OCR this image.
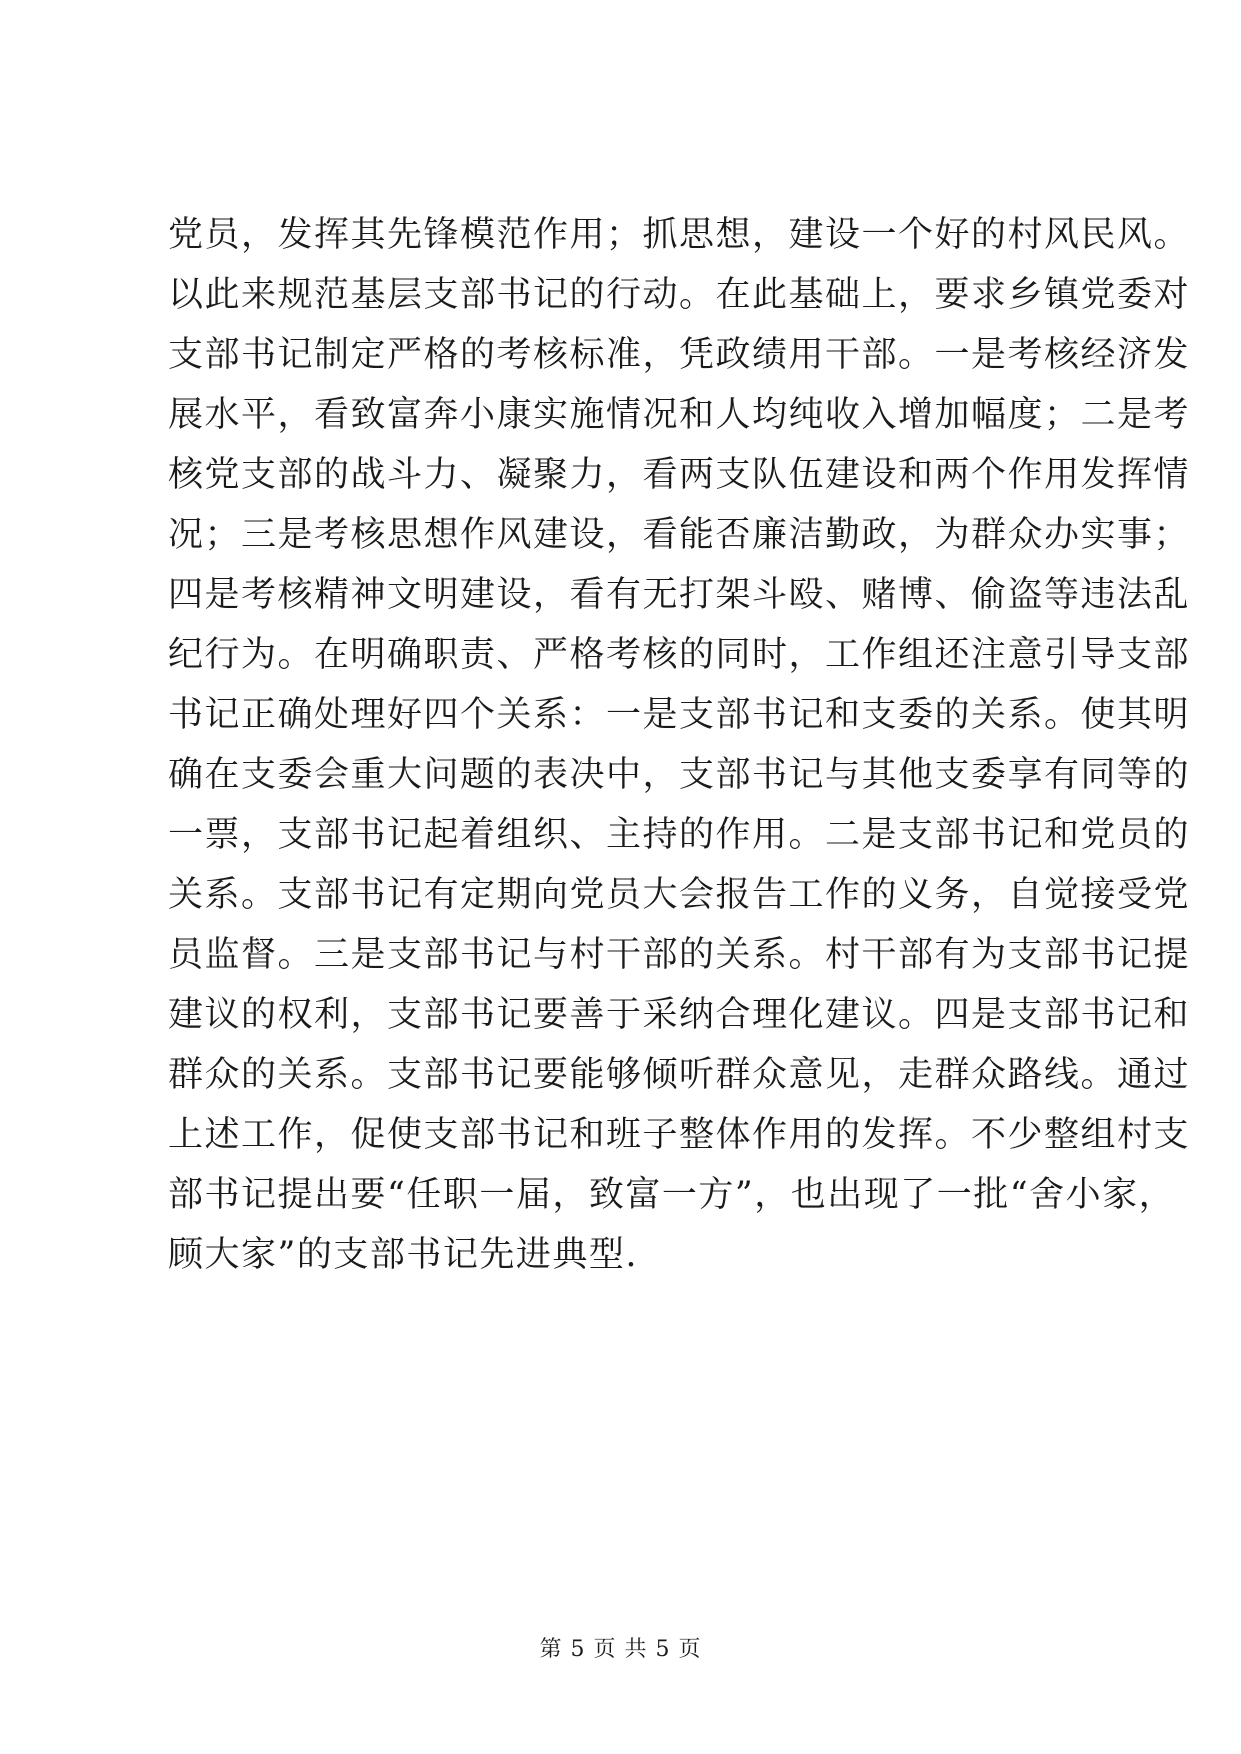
党员，发挥其先锋模范作用；抓思想，建设一个好的村风民风。
以此来规范基层支部书记的行动。在此基础上，要求乡镇党委对
支部书记制定严格的考核标准，凭政绩用干部。一是考核经济发
展水平，看致富奔小康实施情况和人均纯收入增加幅度；二是考
核党支部的战斗力、凝聚力，看两支队伍建设和两个作用发挥情
况；三是考核思想作风建设，看能否廉洁勤政，为群众办实事；
四是考核精神文明建设，看有无打架斗殴、赌博、偷盗等违法乱
纪行为。在明确职责、严格考核的同时，工作组还注意引导支部
书记正确处理好四个关系：一是支部书记和支委的关系。使其明
确在支委会重大问题的表决中，支部书记与其他支委享有同等的
一票，支部书记起着组织、主持的作用。二是支部书记和党员的
关系。支部书记有定期向党员大会报告工作的义务，自觉接受党
员监督。三是支部书记与村干部的关系。村干部有为支部书记提
建议的权利，支部书记要善于采纳合理化建议。四是支部书记和
群众的关系。支部书记要能够倾听群众意见，走群众路线。通过
上述工作，促使支部书记和班子整体作用的发挥。不少整组村支
部书记提出要“任职一届，致富一方”，也出现了一批“舍小家，
顾大家”的支部书记先进典型.
第 5 页 共 5 页
